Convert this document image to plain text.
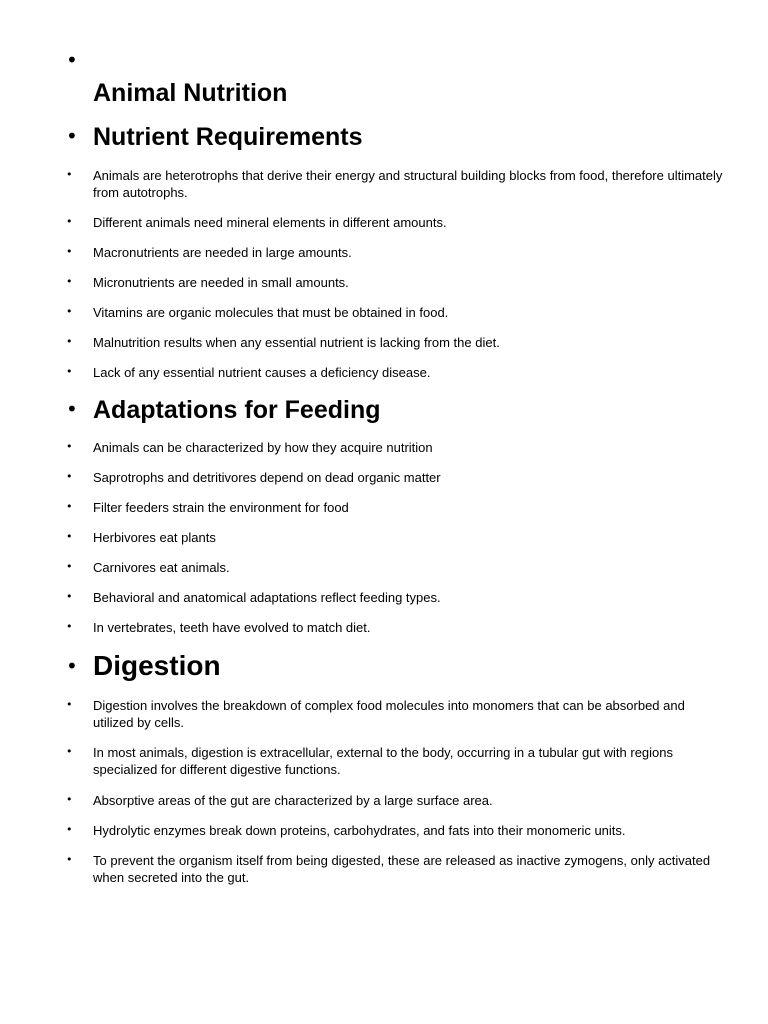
•
Animal Nutrition
• Nutrient Requirements
• Animals are heterotrophs that derive their energy and structural building blocks from food, therefore ultimately from autotrophs.
• Different animals need mineral elements in different amounts.
• Macronutrients are needed in large amounts.
• Micronutrients are needed in small amounts.
• Vitamins are organic molecules that must be obtained in food.
• Malnutrition results when any essential nutrient is lacking from the diet.
• Lack of any essential nutrient causes a deficiency disease.
• Adaptations for Feeding
• Animals can be characterized by how they acquire nutrition
• Saprotrophs and detritivores depend on dead organic matter
• Filter feeders strain the environment for food
• Herbivores eat plants
• Carnivores eat animals.
• Behavioral and anatomical adaptations reflect feeding types.
• In vertebrates, teeth have evolved to match diet.
• Digestion
• Digestion involves the breakdown of complex food molecules into monomers that can be absorbed and utilized by cells.
• In most animals, digestion is extracellular, external to the body, occurring in a tubular gut with regions specialized for different digestive functions.
• Absorptive areas of the gut are characterized by a large surface area.
• Hydrolytic enzymes break down proteins, carbohydrates, and fats into their monomeric units.
• To prevent the organism itself from being digested, these are released as inactive zymogens, only activated when secreted into the gut.
